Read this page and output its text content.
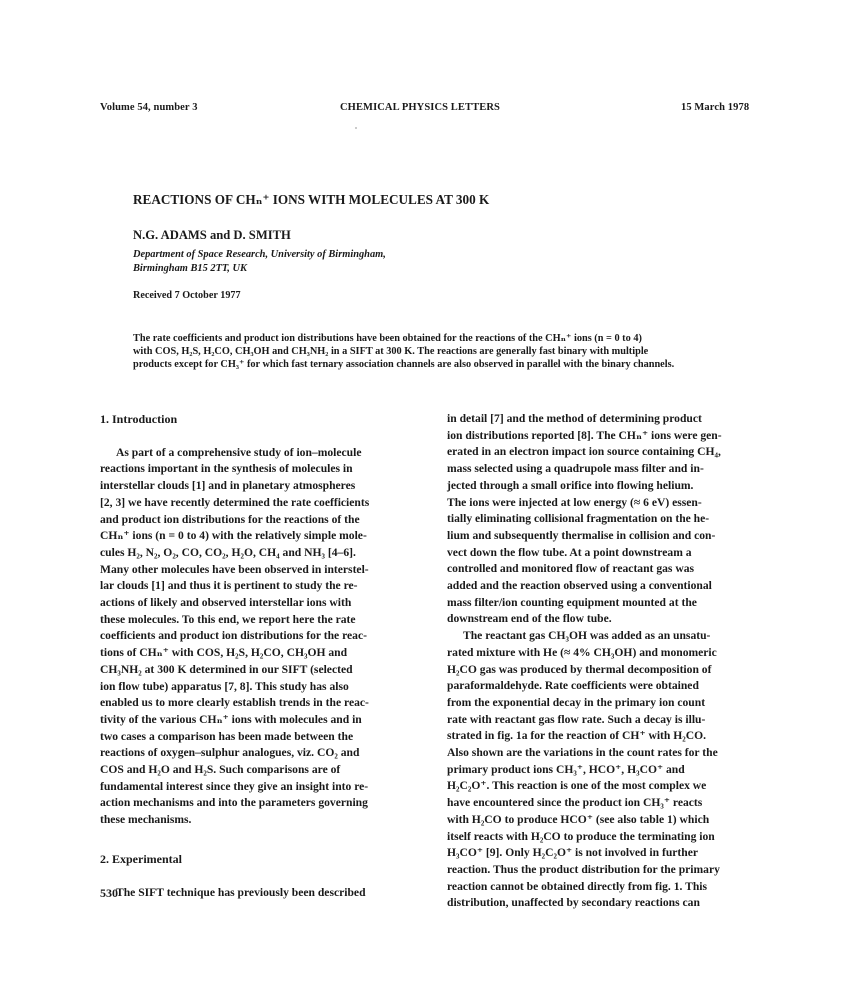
Volume 54, number 3	CHEMICAL PHYSICS LETTERS	15 March 1978
REACTIONS OF CHₙ⁺ IONS WITH MOLECULES AT 300 K
N.G. ADAMS and D. SMITH
Department of Space Research, University of Birmingham,
Birmingham B15 2TT, UK
Received 7 October 1977
The rate coefficients and product ion distributions have been obtained for the reactions of the CHₙ⁺ ions (n = 0 to 4)
with COS, H₂S, H₂CO, CH₃OH and CH₃NH₂ in a SIFT at 300 K. The reactions are generally fast binary with multiple
products except for CH₃⁺ for which fast ternary association channels are also observed in parallel with the binary channels.
1. Introduction
As part of a comprehensive study of ion–molecule
reactions important in the synthesis of molecules in
interstellar clouds [1] and in planetary atmospheres
[2, 3] we have recently determined the rate coefficients
and product ion distributions for the reactions of the
CHₙ⁺ ions (n = 0 to 4) with the relatively simple mole-
cules H₂, N₂, O₂, CO, CO₂, H₂O, CH₄ and NH₃ [4–6].
Many other molecules have been observed in interstel-
lar clouds [1] and thus it is pertinent to study the re-
actions of likely and observed interstellar ions with
these molecules. To this end, we report here the rate
coefficients and product ion distributions for the reac-
tions of CHₙ⁺ with COS, H₂S, H₂CO, CH₃OH and
CH₃NH₂ at 300 K determined in our SIFT (selected
ion flow tube) apparatus [7, 8]. This study has also
enabled us to more clearly establish trends in the reac-
tivity of the various CHₙ⁺ ions with molecules and in
two cases a comparison has been made between the
reactions of oxygen–sulphur analogues, viz. CO₂ and
COS and H₂O and H₂S. Such comparisons are of
fundamental interest since they give an insight into re-
action mechanisms and into the parameters governing
these mechanisms.
2. Experimental
The SIFT technique has previously been described
in detail [7] and the method of determining product
ion distributions reported [8]. The CHₙ⁺ ions were gen-
erated in an electron impact ion source containing CH₄,
mass selected using a quadrupole mass filter and in-
jected through a small orifice into flowing helium.
The ions were injected at low energy (≈ 6 eV) essen-
tially eliminating collisional fragmentation on the he-
lium and subsequently thermalise in collision and con-
vect down the flow tube. At a point downstream a
controlled and monitored flow of reactant gas was
added and the reaction observed using a conventional
mass filter/ion counting equipment mounted at the
downstream end of the flow tube.
The reactant gas CH₃OH was added as an unsatu-
rated mixture with He (≈ 4% CH₃OH) and monomeric
H₂CO gas was produced by thermal decomposition of
paraformaldehyde. Rate coefficients were obtained
from the exponential decay in the primary ion count
rate with reactant gas flow rate. Such a decay is illu-
strated in fig. 1a for the reaction of CH⁺ with H₂CO.
Also shown are the variations in the count rates for the
primary product ions CH₃⁺, HCO⁺, H₃CO⁺ and
H₂C₂O⁺. This reaction is one of the most complex we
have encountered since the product ion CH₃⁺ reacts
with H₂CO to produce HCO⁺ (see also table 1) which
itself reacts with H₂CO to produce the terminating ion
H₃CO⁺ [9]. Only H₂C₂O⁺ is not involved in further
reaction. Thus the product distribution for the primary
reaction cannot be obtained directly from fig. 1. This
distribution, unaffected by secondary reactions can
530
